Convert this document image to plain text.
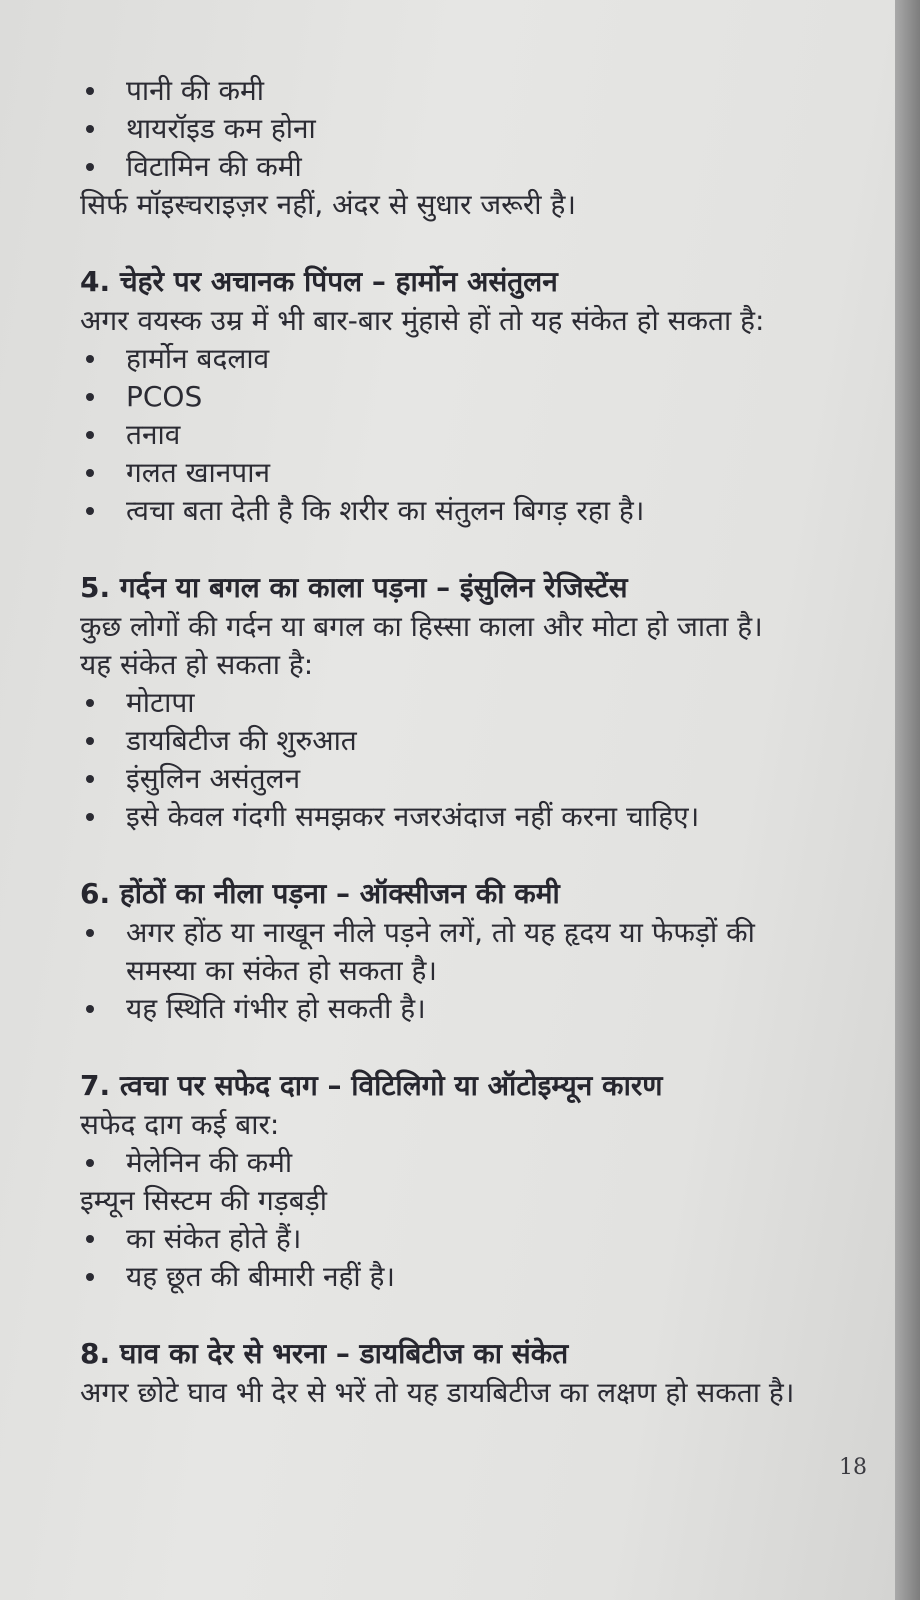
पानी की कमी
थायरॉइड कम होना
विटामिन की कमी

सिर्फ मॉइस्चराइज़र नहीं, अंदर से सुधार जरूरी है।

4. चेहरे पर अचानक पिंपल – हार्मोन असंतुलन

अगर वयस्क उम्र में भी बार-बार मुंहासे हों तो यह संकेत हो सकता है:

हार्मोन बदलाव
PCOS
तनाव
गलत खानपान
त्वचा बता देती है कि शरीर का संतुलन बिगड़ रहा है।

5. गर्दन या बगल का काला पड़ना – इंसुलिन रेजिस्टेंस

कुछ लोगों की गर्दन या बगल का हिस्सा काला और मोटा हो जाता है।

यह संकेत हो सकता है:

मोटापा
डायबिटीज की शुरुआत
इंसुलिन असंतुलन
इसे केवल गंदगी समझकर नजरअंदाज नहीं करना चाहिए।

6. होंठों का नीला पड़ना – ऑक्सीजन की कमी

अगर होंठ या नाखून नीले पड़ने लगें, तो यह हृदय या फेफड़ों की
समस्या का संकेत हो सकता है।
यह स्थिति गंभीर हो सकती है।

7. त्वचा पर सफेद दाग – विटिलिगो या ऑटोइम्यून कारण

सफेद दाग कई बार:

मेलेनिन की कमी

इम्यून सिस्टम की गड़बड़ी

का संकेत होते हैं।
यह छूत की बीमारी नहीं है।

8. घाव का देर से भरना – डायबिटीज का संकेत

अगर छोटे घाव भी देर से भरें तो यह डायबिटीज का लक्षण हो सकता है।

18
